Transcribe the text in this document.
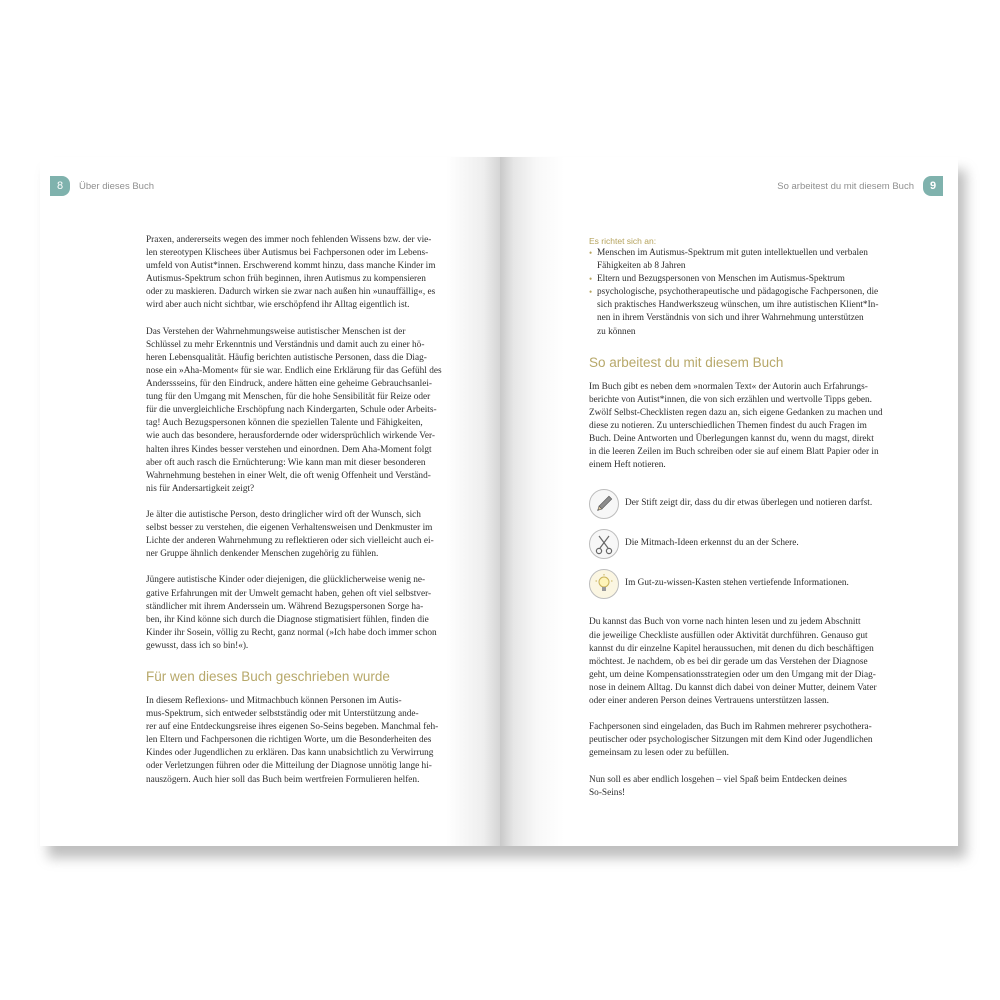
8	Über dieses Buch

Praxen, andererseits wegen des immer noch fehlenden Wissens bzw. der vie-
len stereotypen Klischees über Autismus bei Fachpersonen oder im Lebens-
umfeld von Autist*innen. Erschwerend kommt hinzu, dass manche Kinder im
Autismus-Spektrum schon früh beginnen, ihren Autismus zu kompensieren
oder zu maskieren. Dadurch wirken sie zwar nach außen hin »unauffällig«, es
wird aber auch nicht sichtbar, wie erschöpfend ihr Alltag eigentlich ist.

Das Verstehen der Wahrnehmungsweise autistischer Menschen ist der
Schlüssel zu mehr Erkenntnis und Verständnis und damit auch zu einer hö-
heren Lebensqualität. Häufig berichten autistische Personen, dass die Diag-
nose ein »Aha-Moment« für sie war. Endlich eine Erklärung für das Gefühl des
Anderssseins, für den Eindruck, andere hätten eine geheime Gebrauchsanlei-
tung für den Umgang mit Menschen, für die hohe Sensibilität für Reize oder
für die unvergleichliche Erschöpfung nach Kindergarten, Schule oder Arbeits-
tag! Auch Bezugspersonen können die speziellen Talente und Fähigkeiten,
wie auch das besondere, herausfordernde oder widersprüchlich wirkende Ver-
halten ihres Kindes besser verstehen und einordnen. Dem Aha-Moment folgt
aber oft auch rasch die Ernüchterung: Wie kann man mit dieser besonderen
Wahrnehmung bestehen in einer Welt, die oft wenig Offenheit und Verständ-
nis für Andersartigkeit zeigt?

Je älter die autistische Person, desto dringlicher wird oft der Wunsch, sich
selbst besser zu verstehen, die eigenen Verhaltensweisen und Denkmuster im
Lichte der anderen Wahrnehmung zu reflektieren oder sich vielleicht auch ei-
ner Gruppe ähnlich denkender Menschen zugehörig zu fühlen.

Jüngere autistische Kinder oder diejenigen, die glücklicherweise wenig ne-
gative Erfahrungen mit der Umwelt gemacht haben, gehen oft viel selbstver-
ständlicher mit ihrem Anderssein um. Während Bezugspersonen Sorge ha-
ben, ihr Kind könne sich durch die Diagnose stigmatisiert fühlen, finden die
Kinder ihr Sosein, völlig zu Recht, ganz normal (»Ich habe doch immer schon
gewusst, dass ich so bin!«).

Für wen dieses Buch geschrieben wurde

In diesem Reflexions- und Mitmachbuch können Personen im Autis-
mus-Spektrum, sich entweder selbstständig oder mit Unterstützung ande-
rer auf eine Entdeckungsreise ihres eigenen So-Seins begeben. Manchmal feh-
len Eltern und Fachpersonen die richtigen Worte, um die Besonderheiten des
Kindes oder Jugendlichen zu erklären. Das kann unabsichtlich zu Verwirrung
oder Verletzungen führen oder die Mitteilung der Diagnose unnötig lange hi-
nauszögern. Auch hier soll das Buch beim wertfreien Formulieren helfen.

So arbeitest du mit diesem Buch	9
Es richtet sich an:
• Menschen im Autismus-Spektrum mit guten intellektuellen und verbalen
Fähigkeiten ab 8 Jahren
• Eltern und Bezugspersonen von Menschen im Autismus-Spektrum
• psychologische, psychotherapeutische und pädagogische Fachpersonen, die
sich praktisches Handwerkszeug wünschen, um ihre autistischen Klient*In-
nen in ihrem Verständnis von sich und ihrer Wahrnehmung unterstützen
zu können
So arbeitest du mit diesem Buch

Im Buch gibt es neben dem »normalen Text« der Autorin auch Erfahrungs-
berichte von Autist*innen, die von sich erzählen und wertvolle Tipps geben.
Zwölf Selbst-Checklisten regen dazu an, sich eigene Gedanken zu machen und
diese zu notieren. Zu unterschiedlichen Themen findest du auch Fragen im
Buch. Deine Antworten und Überlegungen kannst du, wenn du magst, direkt
in die leeren Zeilen im Buch schreiben oder sie auf einem Blatt Papier oder in
einem Heft notieren.

Der Stift zeigt dir, dass du dir etwas überlegen und notieren darfst.
Die Mitmach-Ideen erkennst du an der Schere.
Im Gut-zu-wissen-Kasten stehen vertiefende Informationen.

Du kannst das Buch von vorne nach hinten lesen und zu jedem Abschnitt
die jeweilige Checkliste ausfüllen oder Aktivität durchführen. Genauso gut
kannst du dir einzelne Kapitel heraussuchen, mit denen du dich beschäftigen
möchtest. Je nachdem, ob es bei dir gerade um das Verstehen der Diagnose
geht, um deine Kompensationsstrategien oder um den Umgang mit der Diag-
nose in deinem Alltag. Du kannst dich dabei von deiner Mutter, deinem Vater
oder einer anderen Person deines Vertrauens unterstützen lassen.

Fachpersonen sind eingeladen, das Buch im Rahmen mehrerer psychothera-
peutischer oder psychologischer Sitzungen mit dem Kind oder Jugendlichen
gemeinsam zu lesen oder zu befüllen.

Nun soll es aber endlich losgehen – viel Spaß beim Entdecken deines
So-Seins!
